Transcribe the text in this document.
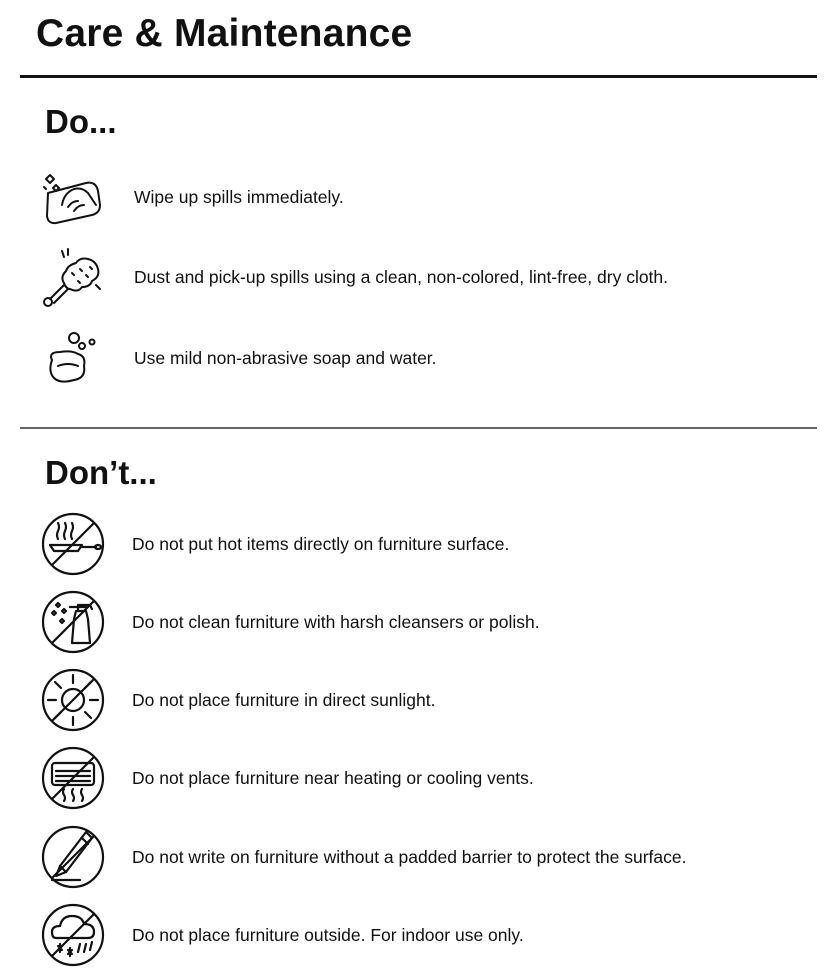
Care & Maintenance
Do...
Wipe up spills immediately.
Dust and pick-up spills using a clean, non-colored, lint-free, dry cloth.
Use mild non-abrasive soap and water.
Don’t...
Do not put hot items directly on furniture surface.
Do not clean furniture with harsh cleansers or polish.
Do not place furniture in direct sunlight.
Do not place furniture near heating or cooling vents.
Do not write on furniture without a padded barrier to protect the surface.
Do not place furniture outside. For indoor use only.
